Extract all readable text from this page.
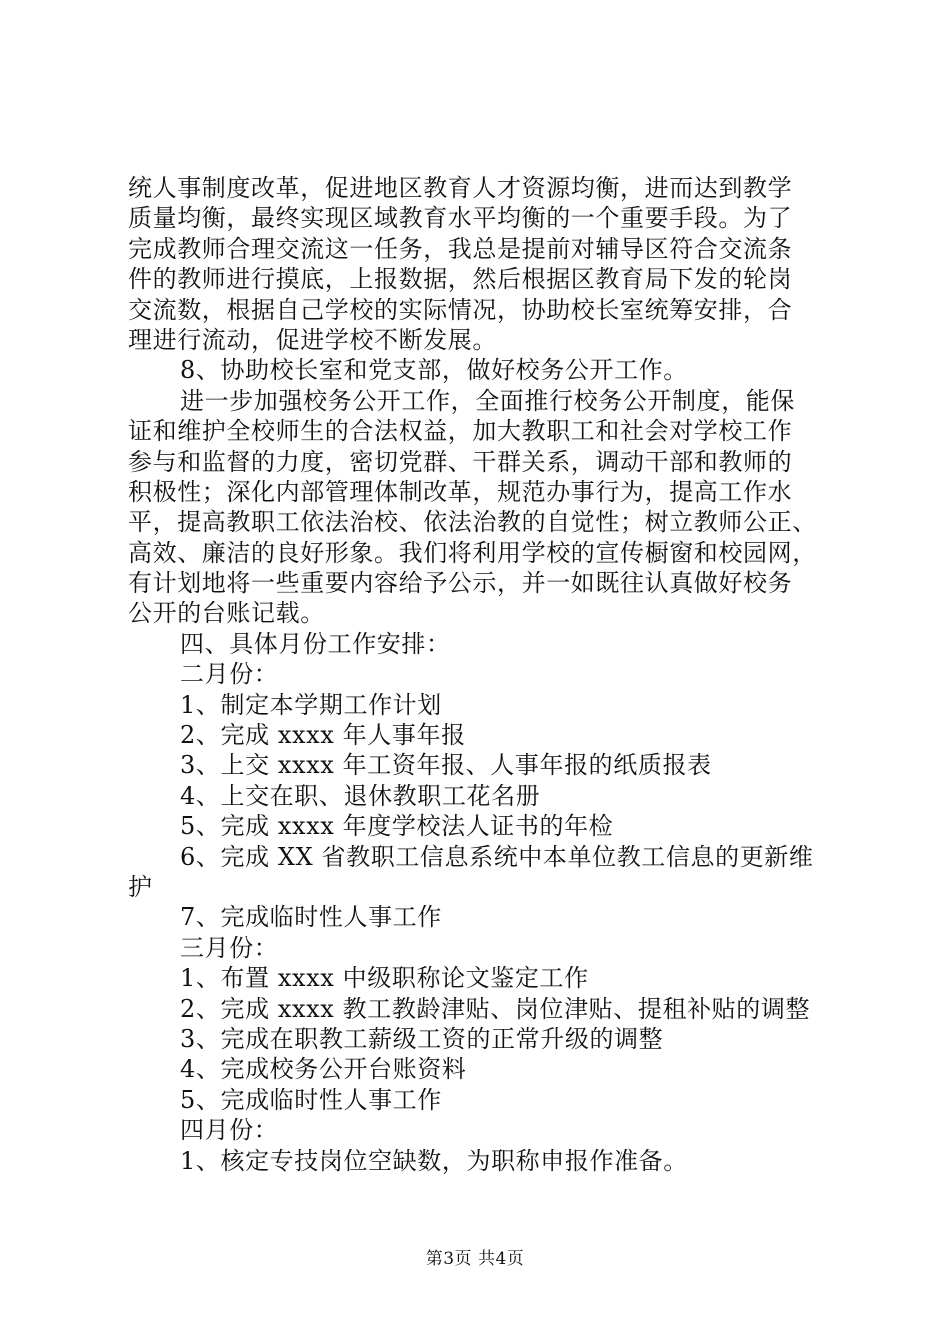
统人事制度改革，促进地区教育人才资源均衡，进而达到教学

质量均衡，最终实现区域教育水平均衡的一个重要手段。为了

完成教师合理交流这一任务，我总是提前对辅导区符合交流条

件的教师进行摸底，上报数据，然后根据区教育局下发的轮岗

交流数，根据自己学校的实际情况，协助校长室统筹安排，合

理进行流动，促进学校不断发展。

8、协助校长室和党支部，做好校务公开工作。

进一步加强校务公开工作，全面推行校务公开制度，能保

证和维护全校师生的合法权益，加大教职工和社会对学校工作

参与和监督的力度，密切党群、干群关系，调动干部和教师的

积极性；深化内部管理体制改革，规范办事行为，提高工作水

平，提高教职工依法治校、依法治教的自觉性；树立教师公正、

高效、廉洁的良好形象。我们将利用学校的宣传橱窗和校园网，

有计划地将一些重要内容给予公示，并一如既往认真做好校务

公开的台账记载。

四、具体月份工作安排：

二月份：

1、制定本学期工作计划

2、完成 xxxx 年人事年报

3、上交 xxxx 年工资年报、人事年报的纸质报表

4、上交在职、退休教职工花名册

5、完成 xxxx 年度学校法人证书的年检

6、完成 XX 省教职工信息系统中本单位教工信息的更新维

护

7、完成临时性人事工作

三月份：

1、布置 xxxx 中级职称论文鉴定工作

2、完成 xxxx 教工教龄津贴、岗位津贴、提租补贴的调整

3、完成在职教工薪级工资的正常升级的调整

4、完成校务公开台账资料

5、完成临时性人事工作

四月份：

1、核定专技岗位空缺数，为职称申报作准备。

第3页 共4页
